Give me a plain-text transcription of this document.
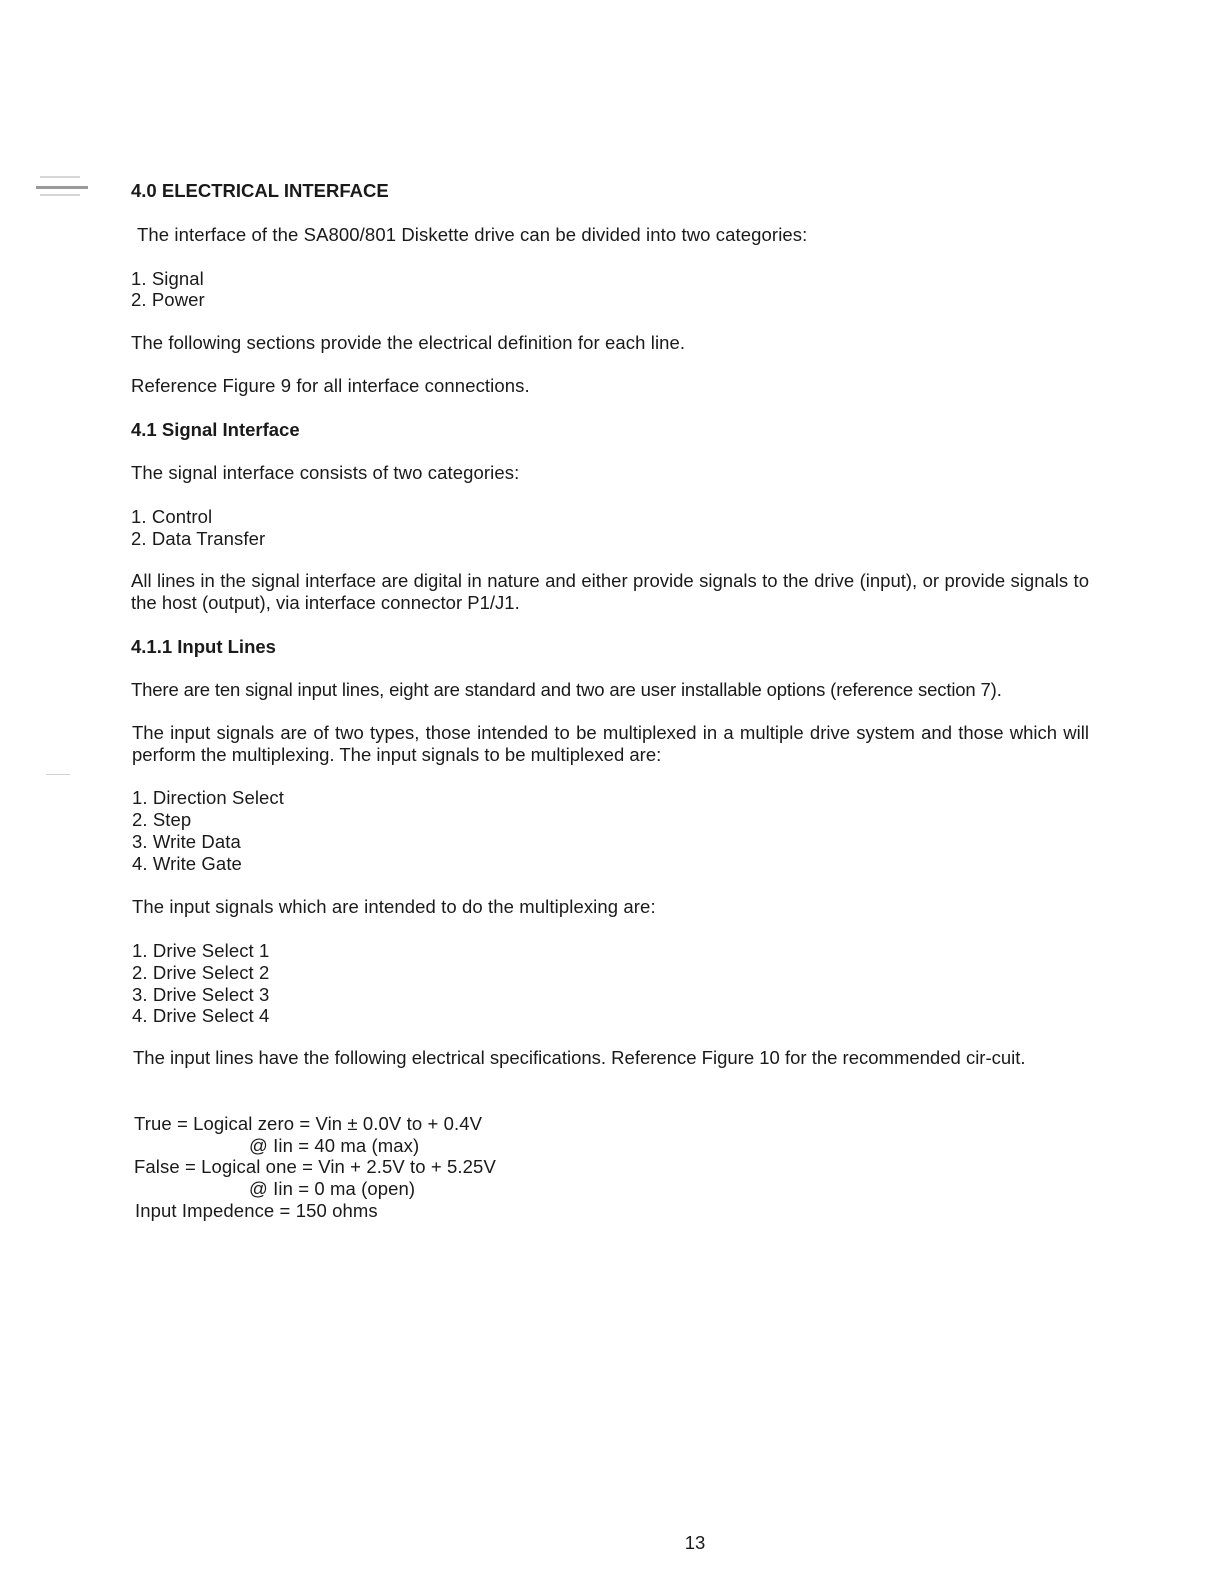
4.0 ELECTRICAL INTERFACE
The interface of the SA800/801 Diskette drive can be divided into two categories:
1. Signal
2. Power
The following sections provide the electrical definition for each line.
Reference Figure 9 for all interface connections.
4.1 Signal Interface
The signal interface consists of two categories:
1. Control
2. Data Transfer
All lines in the signal interface are digital in nature and either provide signals to the drive (input), or provide signals to the host (output), via interface connector P1/J1.
4.1.1 Input Lines
There are ten signal input lines, eight are standard and two are user installable options (reference section 7).
The input signals are of two types, those intended to be multiplexed in a multiple drive system and those which will perform the multiplexing. The input signals to be multiplexed are:
1. Direction Select
2. Step
3. Write Data
4. Write Gate
The input signals which are intended to do the multiplexing are:
1. Drive Select 1
2. Drive Select 2
3. Drive Select 3
4. Drive Select 4
The input lines have the following electrical specifications. Reference Figure 10 for the recommended cir-cuit.
True = Logical zero = Vin ± 0.0V to + 0.4V
@ Iin = 40 ma (max)
False = Logical one = Vin + 2.5V to + 5.25V
@ Iin = 0 ma (open)
Input Impedence = 150 ohms
13
